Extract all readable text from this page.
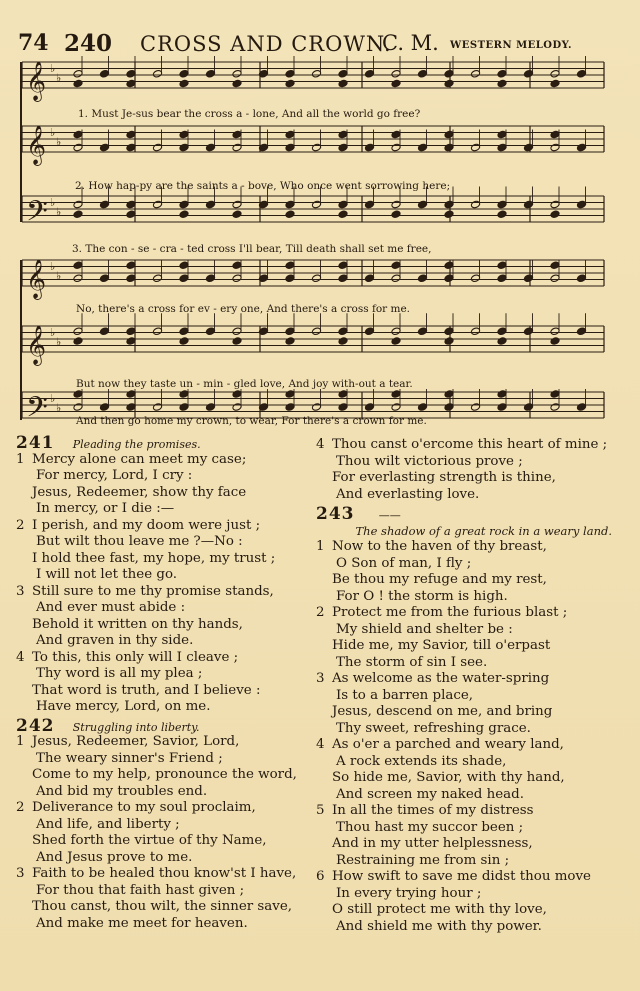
74 240 CROSS AND CROWN.
C. M. WESTERN MELODY.
𝄞 ♭
♭
𝄞 ♭
♭
𝄢 ♭
♭
𝄞 ♭
♭
𝄞 ♭
♭
𝄢 ♭
♭
1. Must Je-sus bear the cross a - lone, And all the world go free?
2. How hap-py are the saints a - bove, Who once went sorrowing here;
3. The con - se - cra - ted cross I'll bear, Till death shall set me free,
No, there's a cross for ev - ery one, And there's a cross for me.
But now they taste un - min - gled love, And joy with-out a tear.
And then go home my crown, to wear, For there's a crown for me.
241 Pleading the promises.
1 Mercy alone can meet my case;
For mercy, Lord, I cry :
Jesus, Redeemer, show thy face
In mercy, or I die :—
2 I perish, and my doom were just ;
But wilt thou leave me ?—No :
I hold thee fast, my hope, my trust ;
I will not let thee go.
3 Still sure to me thy promise stands,
And ever must abide :
Behold it written on thy hands,
And graven in thy side.
4 To this, this only will I cleave ;
Thy word is all my plea ;
That word is truth, and I believe :
Have mercy, Lord, on me.
242 Struggling into liberty.
1 Jesus, Redeemer, Savior, Lord,
The weary sinner's Friend ;
Come to my help, pronounce the word,
And bid my troubles end.
2 Deliverance to my soul proclaim,
And life, and liberty ;
Shed forth the virtue of thy Name,
And Jesus prove to me.
3 Faith to be healed thou know'st I have,
For thou that faith hast given ;
Thou canst, thou wilt, the sinner save,
And make me meet for heaven.
4 Thou canst o'ercome this heart of mine ;
Thou wilt victorious prove ;
For everlasting strength is thine,
And everlasting love.
243 ——
The shadow of a great rock in a weary land.
1 Now to the haven of thy breast,
O Son of man, I fly ;
Be thou my refuge and my rest,
For O ! the storm is high.
2 Protect me from the furious blast ;
My shield and shelter be :
Hide me, my Savior, till o'erpast
The storm of sin I see.
3 As welcome as the water-spring
Is to a barren place,
Jesus, descend on me, and bring
Thy sweet, refreshing grace.
4 As o'er a parched and weary land,
A rock extends its shade,
So hide me, Savior, with thy hand,
And screen my naked head.
5 In all the times of my distress
Thou hast my succor been ;
And in my utter helplessness,
Restraining me from sin ;
6 How swift to save me didst thou move
In every trying hour ;
O still protect me with thy love,
And shield me with thy power.
